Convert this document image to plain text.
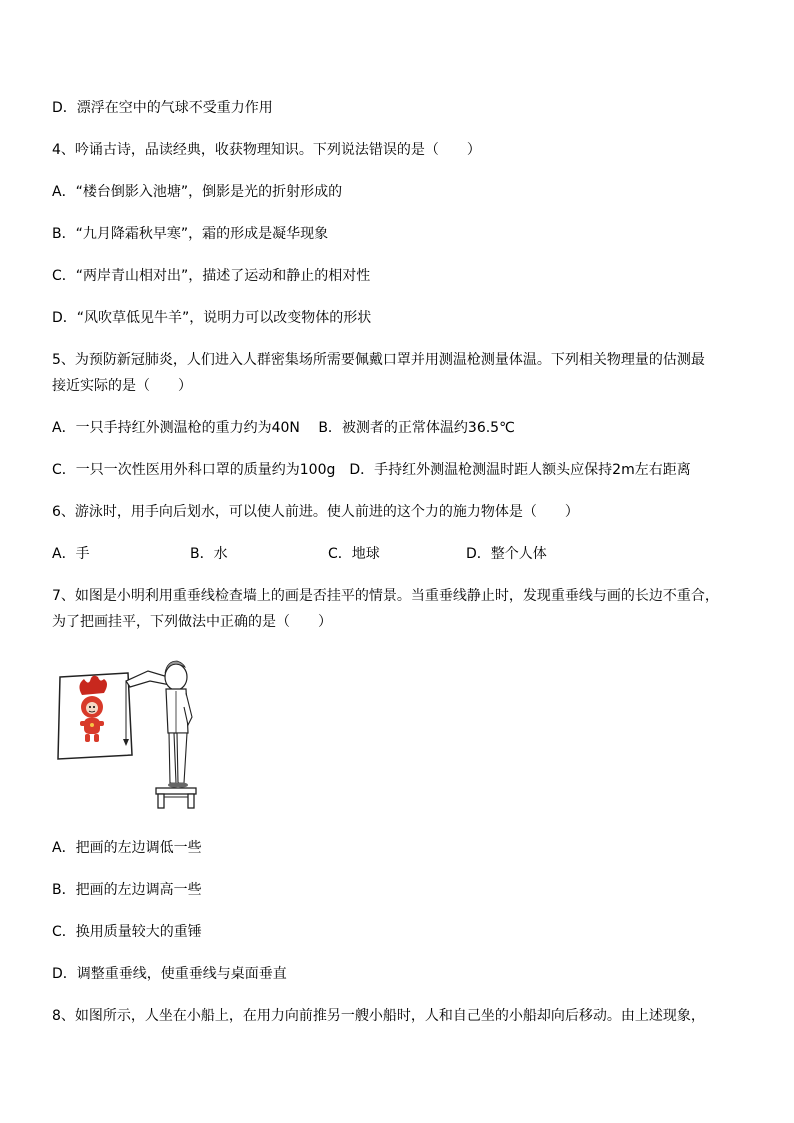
D．漂浮在空中的气球不受重力作用
4、吟诵古诗，品读经典，收获物理知识。下列说法错误的是（　　）
A．“楼台倒影入池塘”，倒影是光的折射形成的
B．“九月降霜秋早寒”，霜的形成是凝华现象
C．“两岸青山相对出”，描述了运动和静止的相对性
D．“风吹草低见牛羊”，说明力可以改变物体的形状
5、为预防新冠肺炎，人们进入人群密集场所需要佩戴口罩并用测温枪测量体温。下列相关物理量的估测最
接近实际的是（　　）
A．一只手持红外测温枪的重力约为40N　 B．被测者的正常体温约36.5℃
C．一只一次性医用外科口罩的质量约为100g　D．手持红外测温枪测温时距人额头应保持2m左右距离
6、游泳时，用手向后划水，可以使人前进。使人前进的这个力的施力物体是（　　）
A．手	B．水	C．地球	D．整个人体
7、如图是小明利用重垂线检查墙上的画是否挂平的情景。当重垂线静止时，发现重垂线与画的长边不重合，
为了把画挂平，下列做法中正确的是（　　）
A．把画的左边调低一些
B．把画的左边调高一些
C．换用质量较大的重锤
D．调整重垂线，使重垂线与桌面垂直
8、如图所示，人坐在小船上，在用力向前推另一艘小船时，人和自己坐的小船却向后移动。由上述现象，
